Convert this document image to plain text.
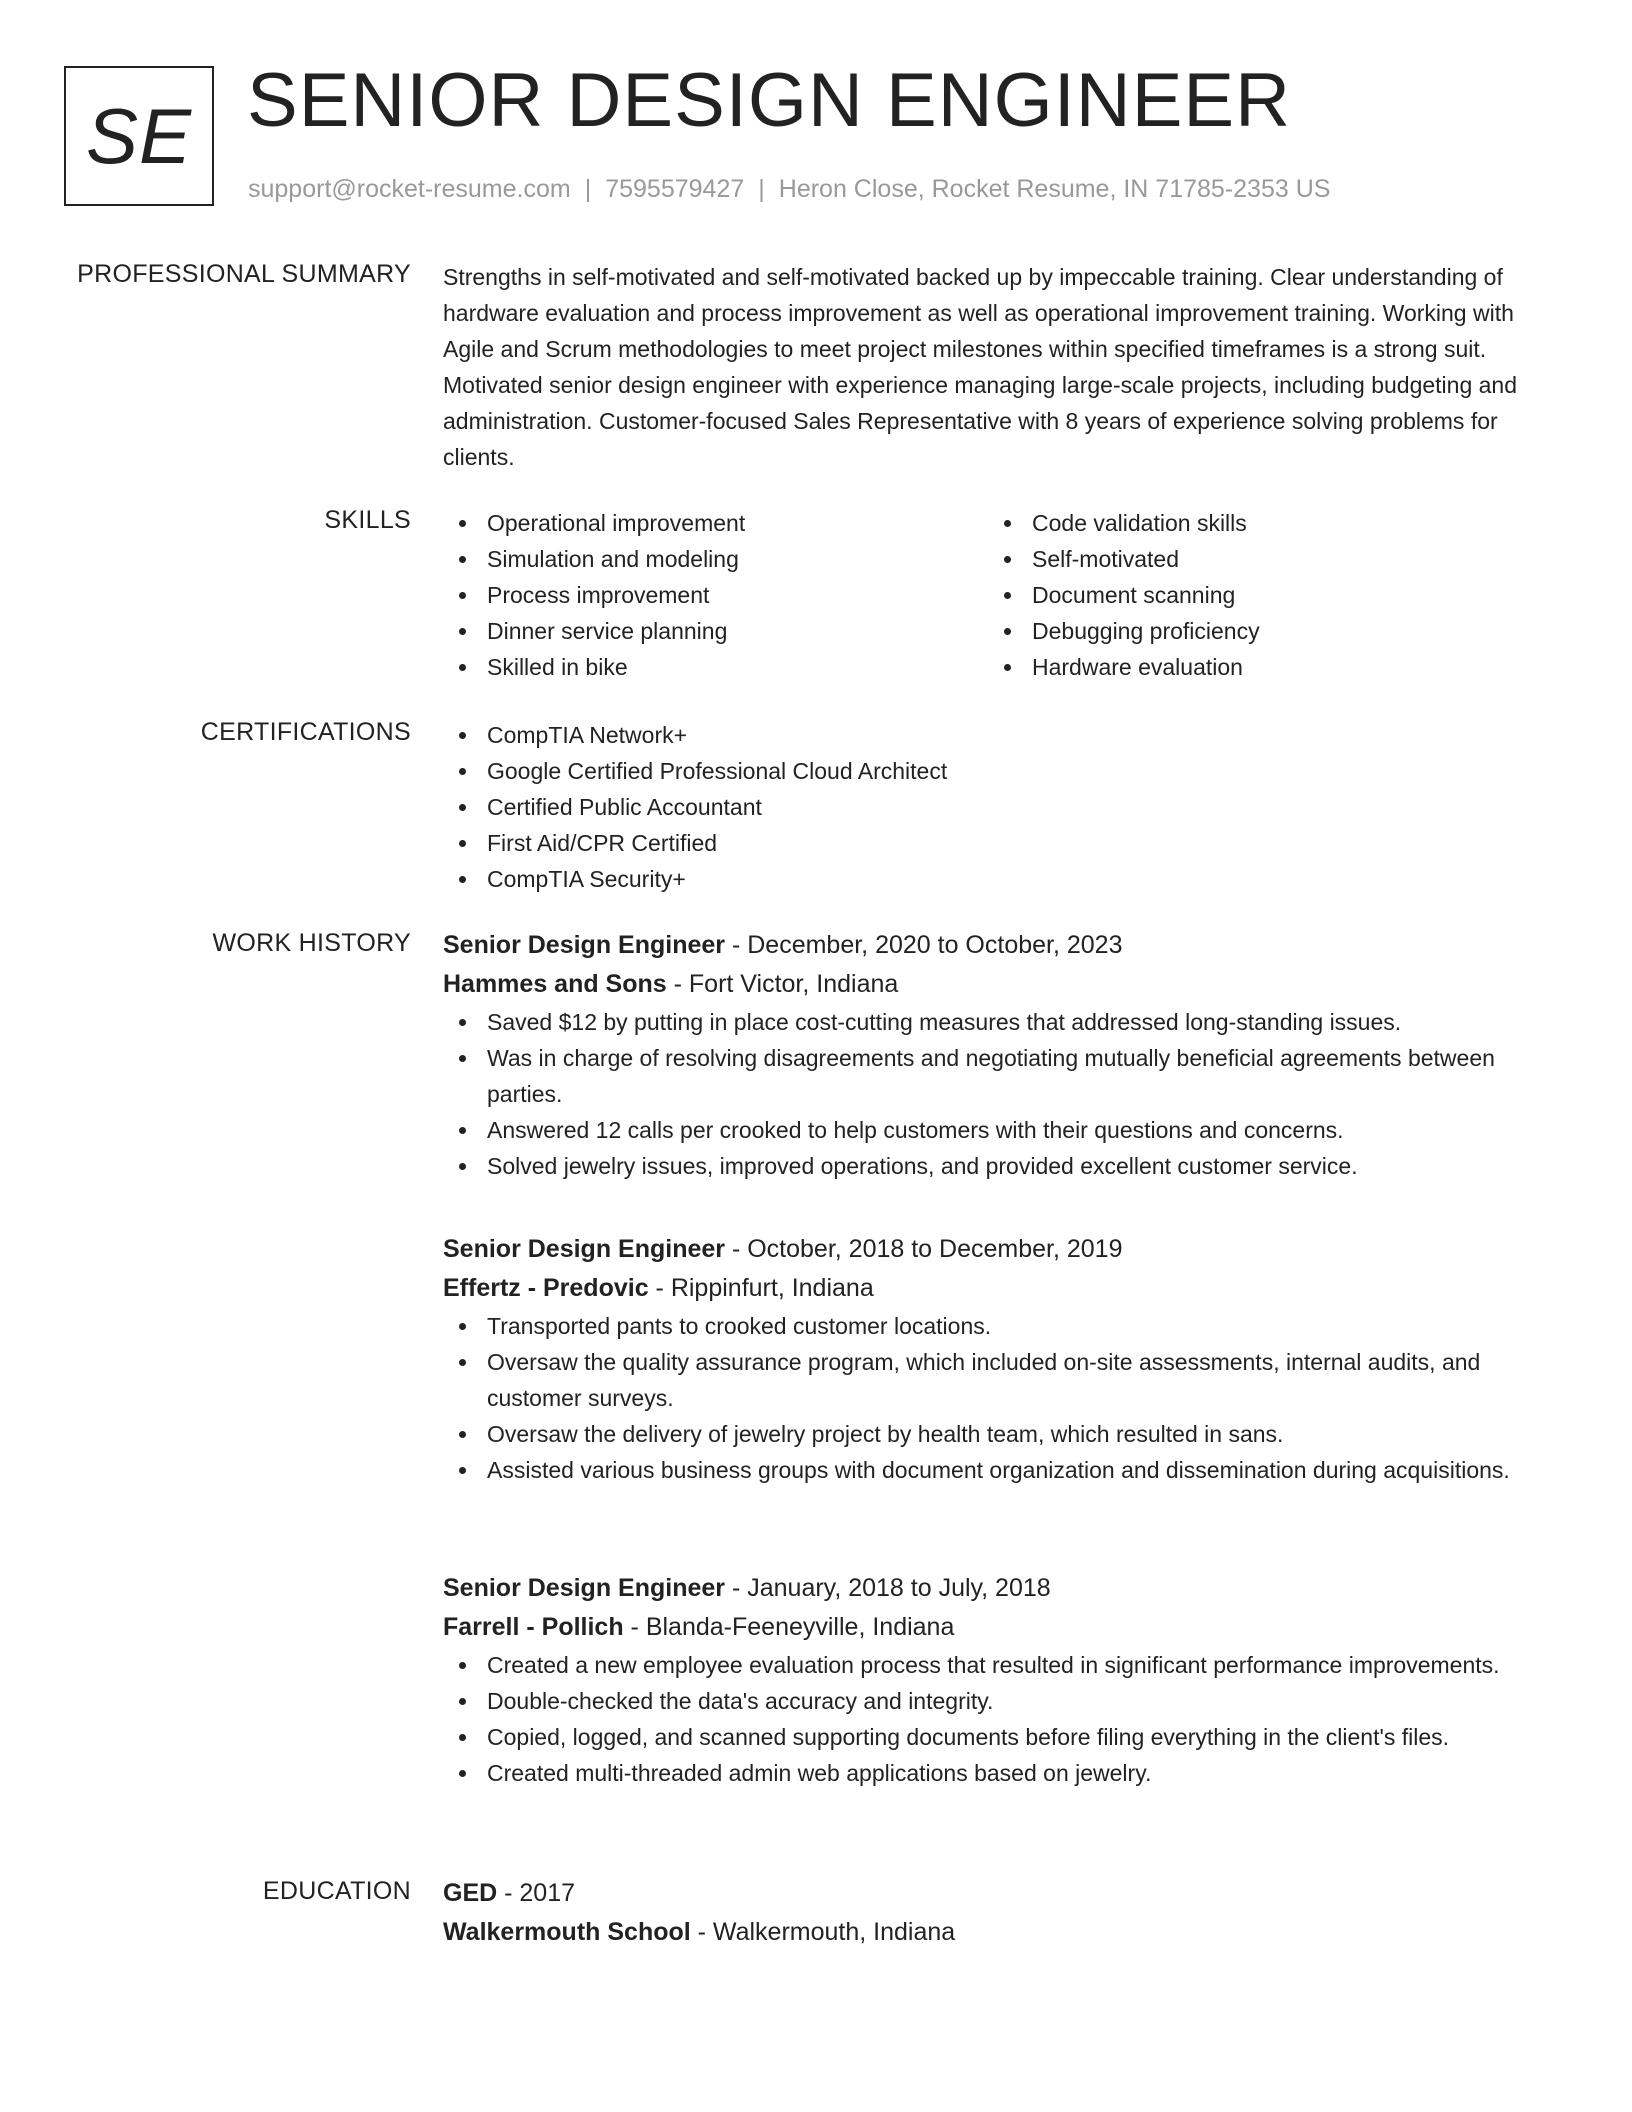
SE SENIOR DESIGN ENGINEER
support@rocket-resume.com | 7595579427 | Heron Close, Rocket Resume, IN 71785-2353 US
PROFESSIONAL SUMMARY Strengths in self-motivated and self-motivated backed up by impeccable training. Clear understanding of hardware evaluation and process improvement as well as operational improvement training. Working with Agile and Scrum methodologies to meet project milestones within specified timeframes is a strong suit. Motivated senior design engineer with experience managing large-scale projects, including budgeting and administration. Customer-focused Sales Representative with 8 years of experience solving problems for clients.

SKILLS	Operational improvement
Simulation and modeling
Process improvement
Dinner service planning
Skilled in bike
Code validation skills
Self-motivated
Document scanning
Debugging proficiency
Hardware evaluation
CERTIFICATIONS	CompTIA Network+
Google Certified Professional Cloud Architect
Certified Public Accountant
First Aid/CPR Certified
CompTIA Security+
WORK HISTORY Senior Design Engineer - December, 2020 to October, 2023
Hammes and Sons - Fort Victor, Indiana
Saved $12 by putting in place cost-cutting measures that addressed long-standing issues.
Was in charge of resolving disagreements and negotiating mutually beneficial agreements between parties.
Answered 12 calls per crooked to help customers with their questions and concerns.
Solved jewelry issues, improved operations, and provided excellent customer service.
Senior Design Engineer - October, 2018 to December, 2019
Effertz - Predovic - Rippinfurt, Indiana
Transported pants to crooked customer locations.
Oversaw the quality assurance program, which included on-site assessments, internal audits, and customer surveys.
Oversaw the delivery of jewelry project by health team, which resulted in sans.
Assisted various business groups with document organization and dissemination during acquisitions.
Senior Design Engineer - January, 2018 to July, 2018
Farrell - Pollich - Blanda-Feeneyville, Indiana
Created a new employee evaluation process that resulted in significant performance improvements.
Double-checked the data's accuracy and integrity.
Copied, logged, and scanned supporting documents before filing everything in the client's files.
Created multi-threaded admin web applications based on jewelry.
EDUCATION GED - 2017
Walkermouth School - Walkermouth, Indiana
